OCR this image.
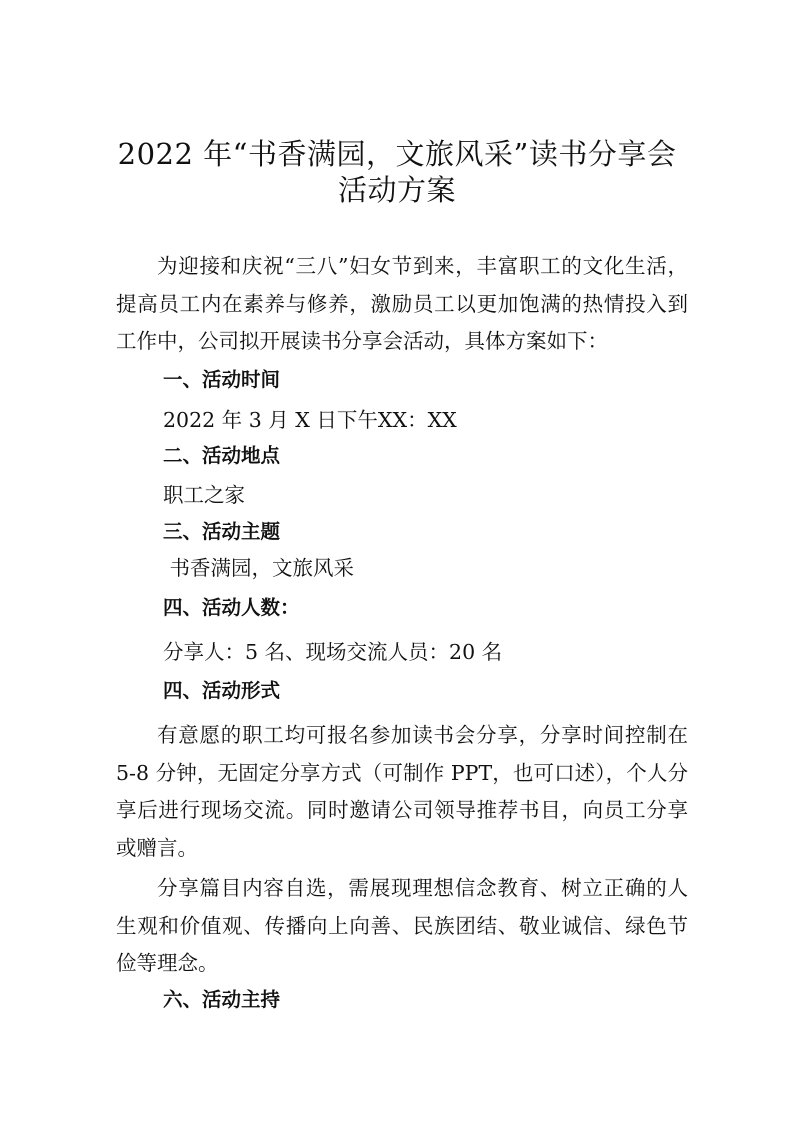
2022 年“书香满园，文旅风采”读书分享会
活动方案
为迎接和庆祝“三八”妇女节到来，丰富职工的文化生活，提高员工内在素养与修养，激励员工以更加饱满的热情投入到工作中，公司拟开展读书分享会活动，具体方案如下：
一、活动时间
2022 年 3 月 X 日下午XX：XX
二、活动地点
职工之家
三、活动主题
书香满园，文旅风采
四、活动人数：
分享人：5 名、现场交流人员：20 名
四、活动形式
有意愿的职工均可报名参加读书会分享，分享时间控制在 5-8 分钟，无固定分享方式（可制作 PPT，也可口述），个人分享后进行现场交流。同时邀请公司领导推荐书目，向员工分享或赠言。
分享篇目内容自选，需展现理想信念教育、树立正确的人生观和价值观、传播向上向善、民族团结、敬业诚信、绿色节俭等理念。
六、活动主持
